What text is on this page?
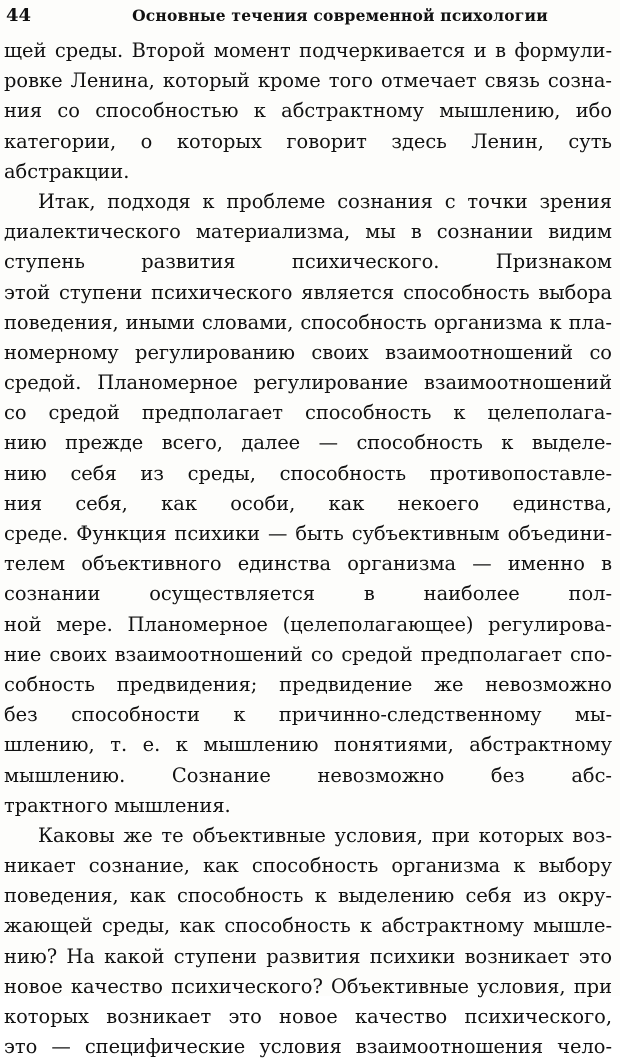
44	Основные течения современной психологии
щей среды. Второй момент подчеркивается и в формули-
ровке Ленина, который кроме того отмечает связь созна-
ния со способностью к абстрактному мышлению, ибо
категории, о которых говорит здесь Ленин, суть
абстракции.
Итак, подходя к проблеме сознания с точки зрения
диалектического материализма, мы в сознании видим
ступень развития психического. Признаком
этой ступени психического является способность выбора
поведения, иными словами, способность организма к пла-
номерному регулированию своих взаимоотношений со
средой. Планомерное регулирование взаимоотношений
со средой предполагает способность к целеполага-
нию прежде всего, далее — способность к выделе-
нию себя из среды, способность противопоставле-
ния себя, как особи, как некоего единства,
среде. Функция психики — быть субъективным объедини-
телем объективного единства организма — именно в
сознании осуществляется в наиболее пол-
ной мере. Планомерное (целеполагающее) регулирова-
ние своих взаимоотношений со средой предполагает спо-
собность предвидения; предвидение же невозможно
без способности к причинно-следственному мы-
шлению, т. е. к мышлению понятиями, абстрактному
мышлению. Сознание невозможно без абс-
трактного мышления.
Каковы же те объективные условия, при которых воз-
никает сознание, как способность организма к выбору
поведения, как способность к выделению себя из окру-
жающей среды, как способность к абстрактному мышле-
нию? На какой ступени развития психики возникает это
новое качество психического? Объективные условия, при
которых возникает это новое качество психического,
это — специфические условия взаимоотношения чело-
